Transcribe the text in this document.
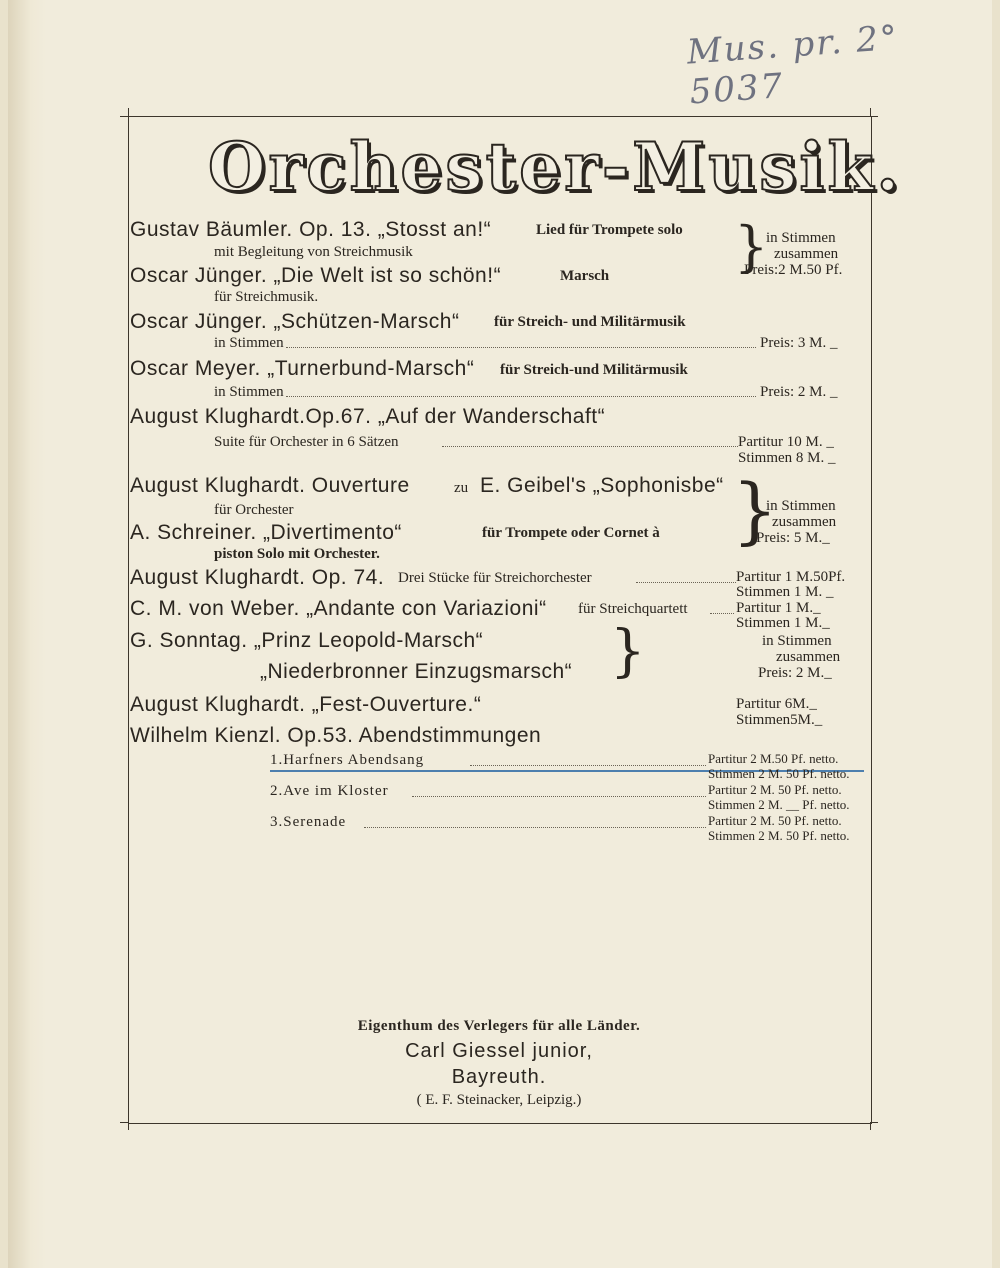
Mus. pr. 2° 5037
Orchester-Musik.
Gustav Bäumler. Op. 13. „Stosst an!“	Lied für Trompete solo
mit Begleitung von Streichmusik
Oscar Jünger. „Die Welt ist so schön!“	Marsch
für Streichmusik.
}
in Stimmen
zusammen
Preis:2 M.50 Pf.
Oscar Jünger. „Schützen-Marsch“ für Streich- und Militärmusik
in Stimmen	Preis: 3 M. _
Oscar Meyer. „Turnerbund-Marsch“ für Streich-und Militärmusik
in Stimmen	Preis: 2 M. _
August Klughardt.Op.67. „Auf der Wanderschaft“
Suite für Orchester in 6 Sätzen	Partitur 10 M. _
Stimmen 8 M. _
August Klughardt. Ouverture	zu E. Geibel's „Sophonisbe“
für Orchester
A. Schreiner. „Divertimento“	für Trompete oder Cornet à
piston Solo mit Orchester.
}
in Stimmen
zusammen
Preis: 5 M._
August Klughardt. Op. 74. Drei Stücke für Streichorchester	Partitur 1 M.50Pf.
Stimmen 1 M. _
C. M. von Weber. „Andante con Variazioni“ für Streichquartett	Partitur 1 M._
Stimmen 1 M._
G. Sonntag. „Prinz Leopold-Marsch“
„Niederbronner Einzugsmarsch“ }	in Stimmen
zusammen
Preis: 2 M._
August Klughardt. „Fest-Ouverture.“	Partitur 6M._
Stimmen5M._
Wilhelm Kienzl. Op.53. Abendstimmungen
1.Harfners Abendsang	Partitur 2 M.50 Pf. netto.
Stimmen 2 M. 50 Pf. netto.
2.Ave im Kloster	Partitur 2 M. 50 Pf. netto.
Stimmen 2 M. __ Pf. netto.
3.Serenade	Partitur 2 M. 50 Pf. netto.
Stimmen 2 M. 50 Pf. netto.
Eigenthum des Verlegers für alle Länder.
Carl Giessel junior,
Bayreuth.
( E. F. Steinacker, Leipzig.)
